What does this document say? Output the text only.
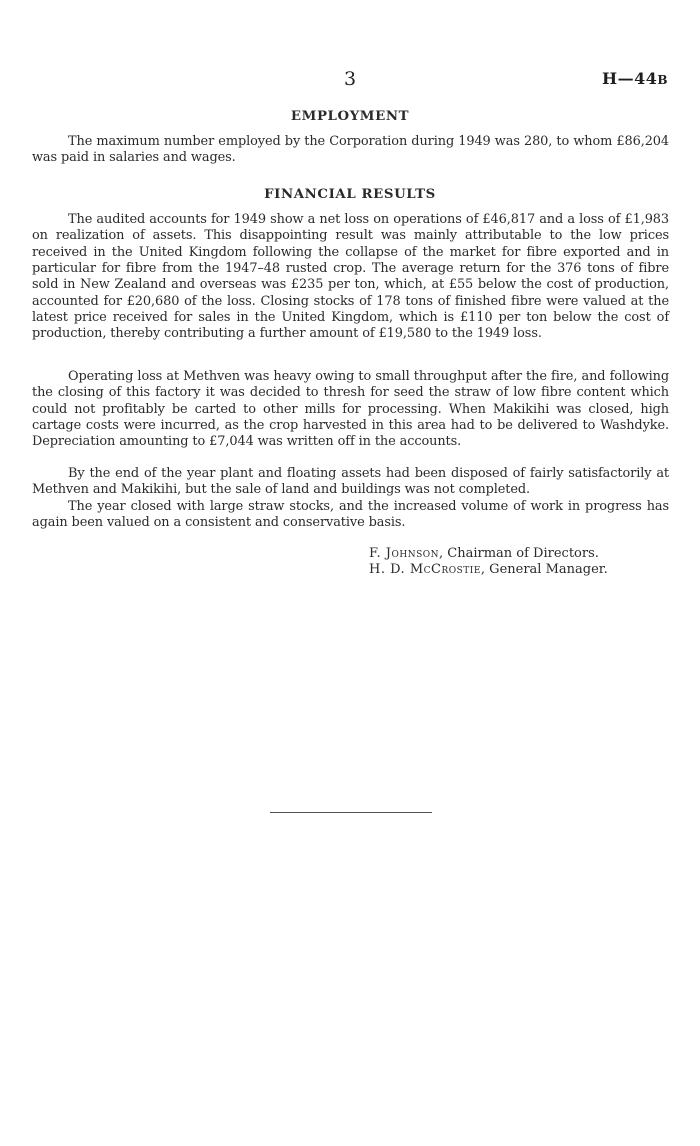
3	H—44B
EMPLOYMENT

The maximum number employed by the Corporation during 1949 was 280, to whom £86,204 was paid in salaries and wages.

FINANCIAL RESULTS

The audited accounts for 1949 show a net loss on operations of £46,817 and a loss of £1,983 on realization of assets. This disappointing result was mainly attributable to the low prices received in the United Kingdom following the collapse of the market for fibre exported and in particular for fibre from the 1947–48 rusted crop. The average return for the 376 tons of fibre sold in New Zealand and overseas was £235 per ton, which, at £55 below the cost of production, accounted for £20,680 of the loss. Closing stocks of 178 tons of finished fibre were valued at the latest price received for sales in the United Kingdom, which is £110 per ton below the cost of production, thereby contributing a further amount of £19,580 to the 1949 loss.

Operating loss at Methven was heavy owing to small throughput after the fire, and following the closing of this factory it was decided to thresh for seed the straw of low fibre content which could not profitably be carted to other mills for processing. When Makikihi was closed, high cartage costs were incurred, as the crop harvested in this area had to be delivered to Washdyke. Depreciation amounting to £7,044 was written off in the accounts.

By the end of the year plant and floating assets had been disposed of fairly satisfactorily at Methven and Makikihi, but the sale of land and buildings was not completed.

The year closed with large straw stocks, and the increased volume of work in progress has again been valued on a consistent and conservative basis.

F. Johnson, Chairman of Directors.
H. D. McCrostie, General Manager.
